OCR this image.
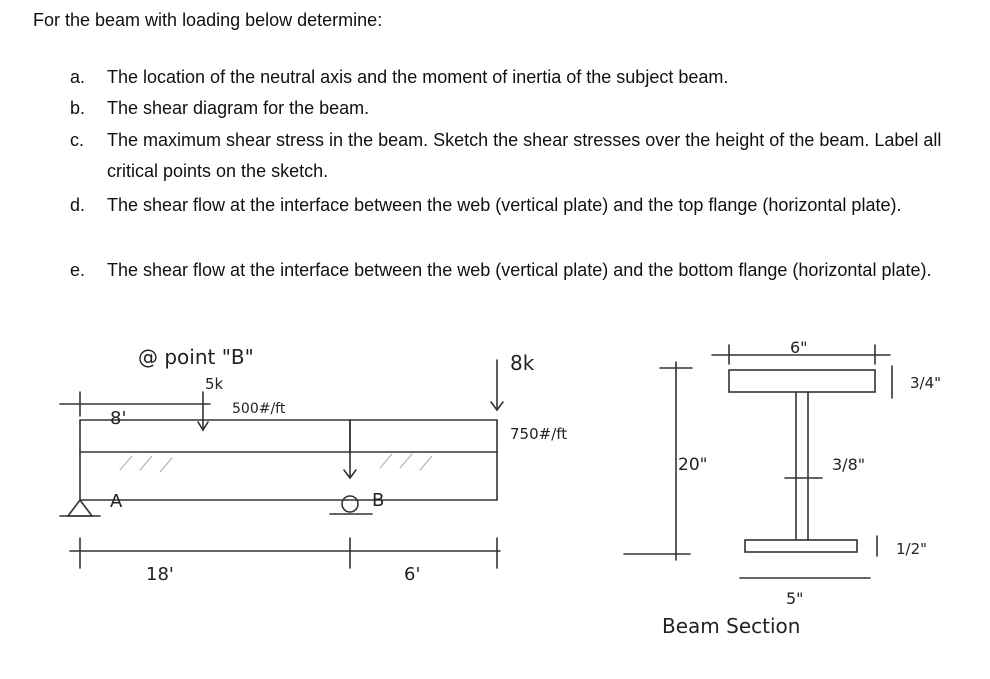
For the beam with loading below determine:
a. The location of the neutral axis and the moment of inertia of the subject beam.
b. The shear diagram for the beam.
c. The maximum shear stress in the beam. Sketch the shear stresses over the height of the beam. Label all critical points on the sketch.
d. The shear flow at the interface between the web (vertical plate) and the top flange (horizontal plate).
e. The shear flow at the interface between the web (vertical plate) and the bottom flange (horizontal plate).
@ point "B"
5k
500#/ft
750#/ft
8k
8'
18'	6'
A	B
6"
3/4"
20"	3/8"
1/2"
5"
Beam Section
